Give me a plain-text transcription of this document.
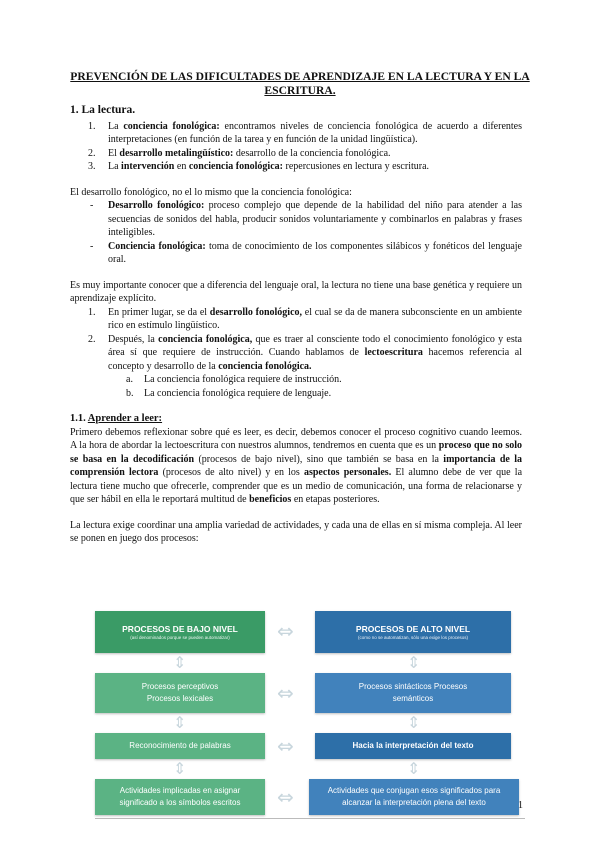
PREVENCIÓN DE LAS DIFICULTADES DE APRENDIZAJE EN LA LECTURA Y EN LA ESCRITURA.
1. La lectura.
1. La conciencia fonológica: encontramos niveles de conciencia fonológica de acuerdo a diferentes interpretaciones (en función de la tarea y en función de la unidad lingüística).
2. El desarrollo metalingüístico: desarrollo de la conciencia fonológica.
3. La intervención en conciencia fonológica: repercusiones en lectura y escritura.

El desarrollo fonológico, no el lo mismo que la conciencia fonológica:

- Desarrollo fonológico: proceso complejo que depende de la habilidad del niño para atender a las secuencias de sonidos del habla, producir sonidos voluntariamente y combinarlos en palabras y frases inteligibles.
- Conciencia fonológica: toma de conocimiento de los componentes silábicos y fonéticos del lenguaje oral.

Es muy importante conocer que a diferencia del lenguaje oral, la lectura no tiene una base genética y requiere un aprendizaje explícito.

1. En primer lugar, se da el desarrollo fonológico, el cual se da de manera subconsciente en un ambiente rico en estímulo lingüístico.
2. Después, la conciencia fonológica, que es traer al consciente todo el conocimiento fonológico y esta área sí que requiere de instrucción. Cuando hablamos de lectoescritura hacemos referencia al concepto y desarrollo de la conciencia fonológica.
a. La conciencia fonológica requiere de instrucción.
b. La conciencia fonológica requiere de lenguaje.
1.1. Aprender a leer:

Primero debemos reflexionar sobre qué es leer, es decir, debemos conocer el proceso cognitivo cuando leemos. A la hora de abordar la lectoescritura con nuestros alumnos, tendremos en cuenta que es un proceso que no solo se basa en la decodificación (procesos de bajo nivel), sino que también se basa en la importancia de la comprensión lectora (procesos de alto nivel) y en los aspectos personales. El alumno debe de ver que la lectura tiene mucho que ofrecerle, comprender que es un medio de comunicación, una forma de relacionarse y que ser hábil en ella le reportará multitud de beneficios en etapas posteriores.

La lectura exige coordinar una amplia variedad de actividades, y cada una de ellas en sí misma compleja. Al leer se ponen en juego dos procesos:

PROCESOS DE BAJO NIVEL
(así denominados porque se pueden automatizar)
PROCESOS DE ALTO NIVEL
(como no se automatizan, sólo una exige los procesos)
⇔
⇕	⇕
Procesos perceptivos
Procesos lexicales
Procesos sintácticos Procesos
semánticos
⇔
⇕	⇕
Reconocimiento de palabras	Hacia la interpretación del texto
⇔
⇕	⇕
Actividades implicadas en asignar
significado a los símbolos escritos
Actividades que conjugan esos significados para
alcanzar la interpretación plena del texto
⇔	1
